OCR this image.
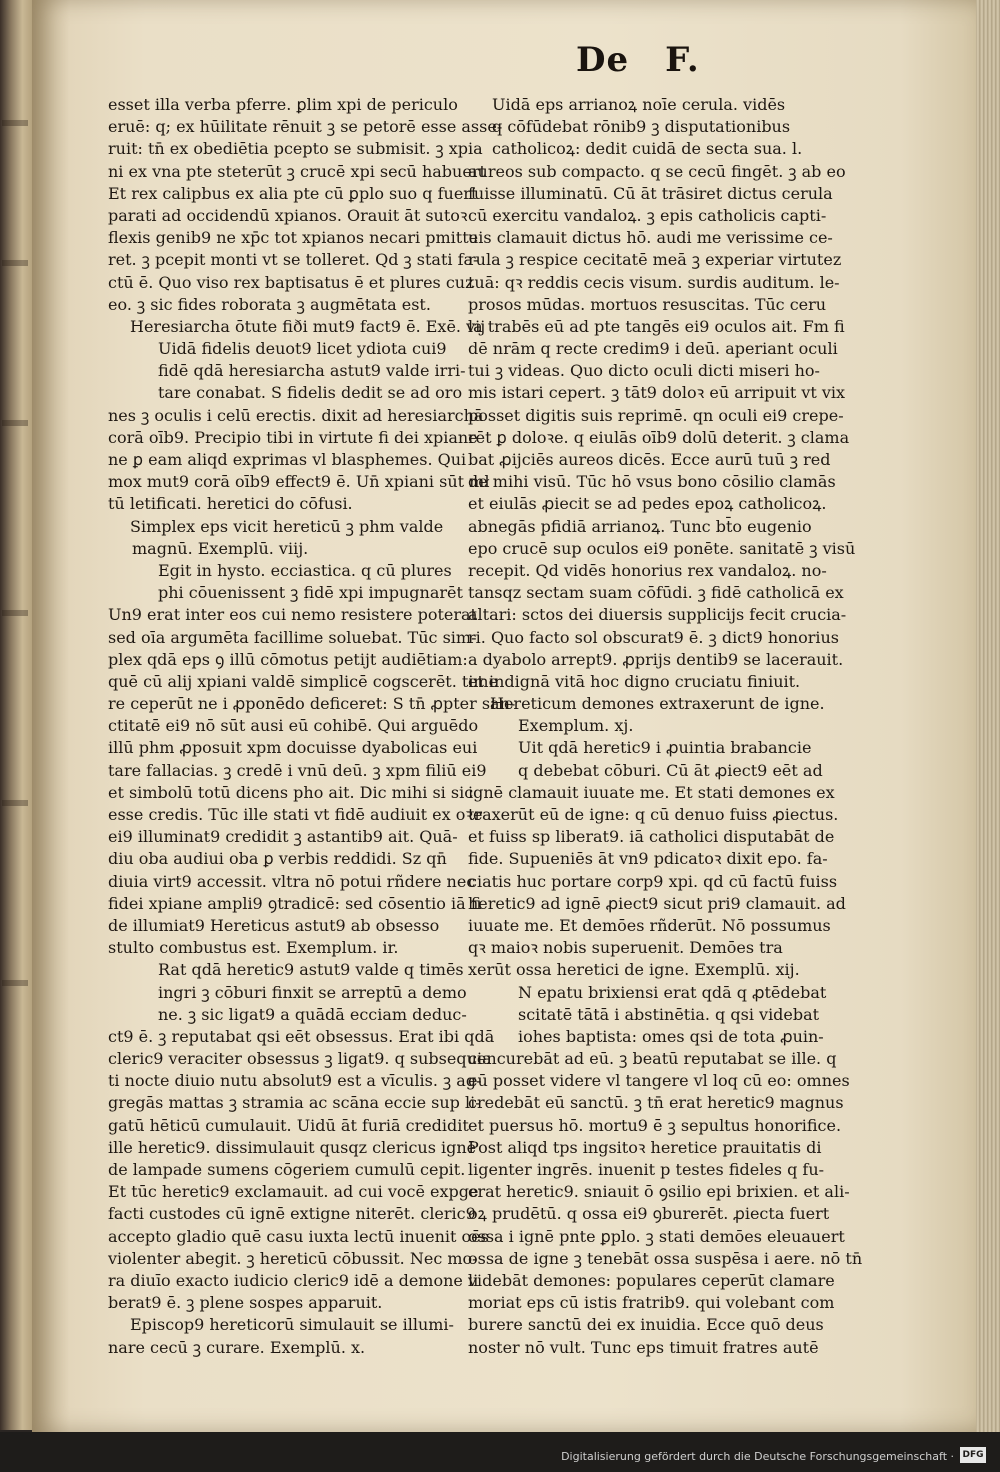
De F.
esset illa verba pferre. ꝑlim xpi de periculo
eruē: q; ex hūilitate rēnuit ꝫ se petorē esse asse-
ruit: tn̄ ex obediētia pcepto se submisit. ꝫ xpia
ni ex vna pte steterūt ꝫ crucē xpi secū habuert
Et rex calipbus ex alia pte cū ꝑplo suo q fuert
parati ad occidendū xpianos. Orauit āt sutoꝛ
flexis genib9 ne xp̄c tot xpianos necari pmitte
ret. ꝫ pcepit monti vt se tolleret. Qd ꝫ stati fa-
ctū ē. Quo viso rex baptisatus ē et plures cuz
eo. ꝫ sic fides roborata ꝫ augmētata est.
Heresiarcha ōtute fiði mut9 fact9 ē. Exē. vij
Uidā fidelis deuot9 licet ydiota cui9
fidē qdā heresiarcha astut9 valde irri-
tare conabat. S fidelis dedit se ad oro
nes ꝫ oculis i celū erectis. dixit ad heresiarchā
corā oīb9. Precipio tibi in virtute fi dei xpiane
ne ꝑ eam aliqd exprimas vl blasphemes. Qui
mox mut9 corā oīb9 effect9 ē. Un̄ xpiani sūt mł
tū letificati. heretici do cōfusi.
Simplex eps vicit hereticū ꝫ phm valde
magnū. Exemplū. viij.
Egit in hysto. ecciastica. q cū plures
phi cōuenissent ꝫ fidē xpi impugnarēt
Un9 erat inter eos cui nemo resistere poterat
sed oīa argumēta facillime soluebat. Tūc sim-
plex qdā eps ꝯ illū cōmotus petijt audiētiam:
quē cū alij xpiani valdē simplicē cogscerēt. time
re ceperūt ne i ꝓponēdo deficeret: S tn̄ ꝓpter san-
ctitatē ei9 nō sūt ausi eū cohibē. Qui arguēdo
illū phm ꝓposuit xpm docuisse dyabolicas eui
tare fallacias. ꝫ credē i vnū deū. ꝫ xpm filiū ei9
et simbolū totū dicens pho ait. Dic mihi si sic
esse credis. Tūc ille stati vt fidē audiuit ex oꝛe
ei9 illuminat9 credidit ꝫ astantib9 ait. Quā-
diu oba audiui oba ꝑ verbis reddidi. Sz qn̄
diuia virt9 accessit. vltra nō potui rñdere nec
fidei xpiane ampli9 ꝯtradicē: sed cōsentio iā fi
de illumiat9 Hereticus astut9 ab obsesso
stulto combustus est. Exemplum. ir.
Rat qdā heretic9 astut9 valde q timēs
ingri ꝫ cōburi finxit se arreptū a demo
ne. ꝫ sic ligat9 a quādā ecciam deduc-
ct9 ē. ꝫ reputabat qsi eēt obsessus. Erat ibi qdā
cleric9 veraciter obsessus ꝫ ligat9. q subsequen
ti nocte diuio nutu absolut9 est a vīculis. ꝫ ag-
gregās mattas ꝫ stramia ac scāna eccie sup li-
gatū hēticū cumulauit. Uidū āt furiā credidit
ille heretic9. dissimulauit qusqz clericus ignē
de lampade sumens cōgeriem cumulū cepit.
Et tūc heretic9 exclamauit. ad cui vocē expge
facti custodes cū ignē extigne niterēt. cleric9
accepto gladio quē casu iuxta lectū inuenit oēs
violenter abegit. ꝫ hereticū cōbussit. Nec mo-
ra diuīo exacto iudicio cleric9 idē a demone li
berat9 ē. ꝫ plene sospes apparuit.
Episcop9 hereticorū simulauit se illumi-
nare cecū ꝫ curare. Exemplū. x.
Uidā eps arrianoꝝ noīe cerula. vidēs
q cōfūdebat rōnib9 ꝫ disputationibus
catholicoꝝ: dedit cuidā de secta sua. l.
aureos sub compacto. q se cecū fingēt. ꝫ ab eo
fuisse illuminatū. Cū āt trāsiret dictus cerula
cū exercitu vandaloꝝ. ꝫ epis catholicis capti-
uis clamauit dictus hō. audi me verissime ce-
rula ꝫ respice cecitatē meā ꝫ experiar virtutez
tuā: qꝛ reddis cecis visum. surdis auditum. le-
prosos mūdas. mortuos resuscitas. Tūc ceru
la trabēs eū ad pte tangēs ei9 oculos ait. Fm fi
dē nrām q recte credim9 i deū. aperiant oculi
tui ꝫ videas. Quo dicto oculi dicti miseri ho-
mis istari cepert. ꝫ tāt9 doloꝛ eū arripuit vt vix
posset digitis suis reprimē. qn oculi ei9 crepe-
rēt ꝑ doloꝛe. q eiulās oīb9 dolū deterit. ꝫ clama
bat ꝓijciēs aureos dicēs. Ecce aurū tuū ꝫ red
de mihi visū. Tūc hō vsus bono cōsilio clamās
et eiulās ꝓiecit se ad pedes epoꝝ catholicoꝝ.
abnegās pfidiā arrianoꝝ. Tunc bt̄o eugenio
epo crucē sup oculos ei9 ponēte. sanitatē ꝫ visū
recepit. Qd vidēs honorius rex vandaloꝝ. no-
tansqz sectam suam cōfūdi. ꝫ fidē catholicā ex
altari: sctos dei diuersis supplicijs fecit crucia-
ri. Quo facto sol obscurat9 ē. ꝫ dict9 honorius
a dyabolo arrept9. ꝓprijs dentib9 se lacerauit.
et indignā vitā hoc digno cruciatu finiuit.
Hereticum demones extraxerunt de igne.
Exemplum. xj.
Uit qdā heretic9 i ꝓuintia brabancie
q debebat cōburi. Cū āt ꝓiect9 eēt ad
ignē clamauit iuuate me. Et stati demones ex
traxerūt eū de igne: q cū denuo fuiss ꝓiectus.
et fuiss sp liberat9. iā catholici disputabāt de
fide. Supueniēs āt vn9 pdicatoꝛ dixit epo. fa-
ciatis huc portare corp9 xpi. qd cū factū fuiss
heretic9 ad ignē ꝓiect9 sicut pri9 clamauit. ad
iuuate me. Et demōes rñderūt. Nō possumus
qꝛ maioꝛ nobis superuenit. Demōes tra
xerūt ossa heretici de igne. Exemplū. xij.
N epatu brixiensi erat qdā q ꝓtēdebat
scitatē tātā i abstinētia. q qsi videbat
iohes baptista: omes qsi de tota ꝓuin-
cia curebāt ad eū. ꝫ beatū reputabat se ille. q
eū posset videre vl tangere vl loq cū eo: omnes
credebāt eū sanctū. ꝫ tn̄ erat heretic9 magnus
et puersus hō. mortu9 ē ꝫ sepultus honorifice.
Post aliqd tps ingsitoꝛ heretice prauitatis di
ligenter ingrēs. inuenit p testes fideles q fu-
erat heretic9. sniauit ō ꝯsilio epi brixien. et ali-
oꝝ prudētū. q ossa ei9 ꝯburerēt. ꝓiecta fuert
ossa i ignē pnte ꝑplo. ꝫ stati demōes eleuauert
ossa de igne ꝫ tenebāt ossa suspēsa i aere. nō tn̄
videbāt demones: populares ceperūt clamare
moriat eps cū istis fratrib9. qui volebant com
burere sanctū dei ex inuidia. Ecce quō deus
noster nō vult. Tunc eps timuit fratres autē
Digitalisierung gefördert durch die Deutsche Forschungsgemeinschaft · DFG
